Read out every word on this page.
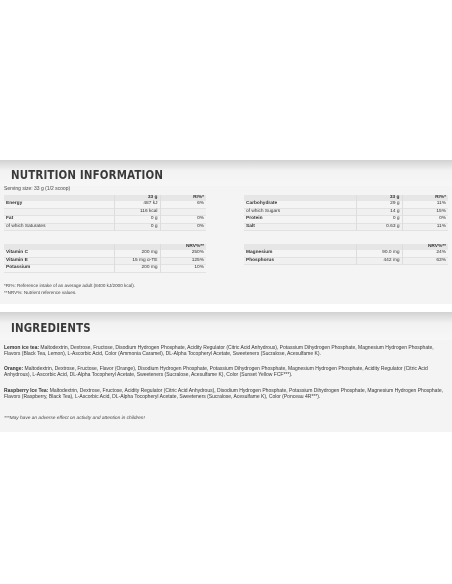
NUTRITION INFORMATION
Serving size: 33 g (1/2 scoop)
	33 g	RI%*
Energy	487 kJ	6%
	116 kcal	
Fat	0 g	0%
of which Saturates	0 g	0%
	33 g	RI%*
Carbohydrate	29 g	11%
of which Sugars	14 g	15%
Protein	0 g	0%
Salt	0.63 g	11%
		NRV%**
Vitamin C	200 mg	250%
Vitamin E	15 mg α-TE	125%
Potassium	200 mg	10%
		NRV%**
Magnesium	90.0 mg	24%
Phosphorus	442 mg	63%
*RI%: Reference intake of an average adult (8400 kJ/2000 kcal).
**NRV%: Nutrient reference values.
INGREDIENTS
Lemon ice tea: Maltodextrin, Dextrose, Fructose, Disodium Hydrogen Phosphate, Acidity Regulator (Citric Acid Anhydrous), Potassium Dihydrogen Phosphate, Magnesium Hydrogen Phosphate, Flavors (Black Tea, Lemon), L-Ascorbic Acid, Color (Ammonia Caramel), DL-Alpha Tocopheryl Acetate, Sweeteners (Sucralose, Acesulfame K).
Orange: Maltodextrin, Dextrose, Fructose, Flavor (Orange), Disodium Hydrogen Phosphate, Potassium Dihydrogen Phosphate, Magnesium Hydrogen Phosphate, Acidity Regulator (Citric Acid Anhydrous), L-Ascorbic Acid, DL-Alpha Tocopheryl Acetate, Sweeteners (Sucralose, Acesulfame K), Color (Sunset Yellow FCF***).
Raspberry Ice Tea: Maltodextrin, Dextrose, Fructose, Acidity Regulator (Citric Acid Anhydrous), Disodium Hydrogen Phosphate, Potassium Dihydrogen Phosphate, Magnesium Hydrogen Phosphate, Flavors (Raspberry, Black Tea), L-Ascorbic Acid, DL-Alpha Tocopheryl Acetate, Sweeteners (Sucralose, Acesulfame K), Color (Ponceau 4R***).
***May have an adverse effect on activity and attention in children!
